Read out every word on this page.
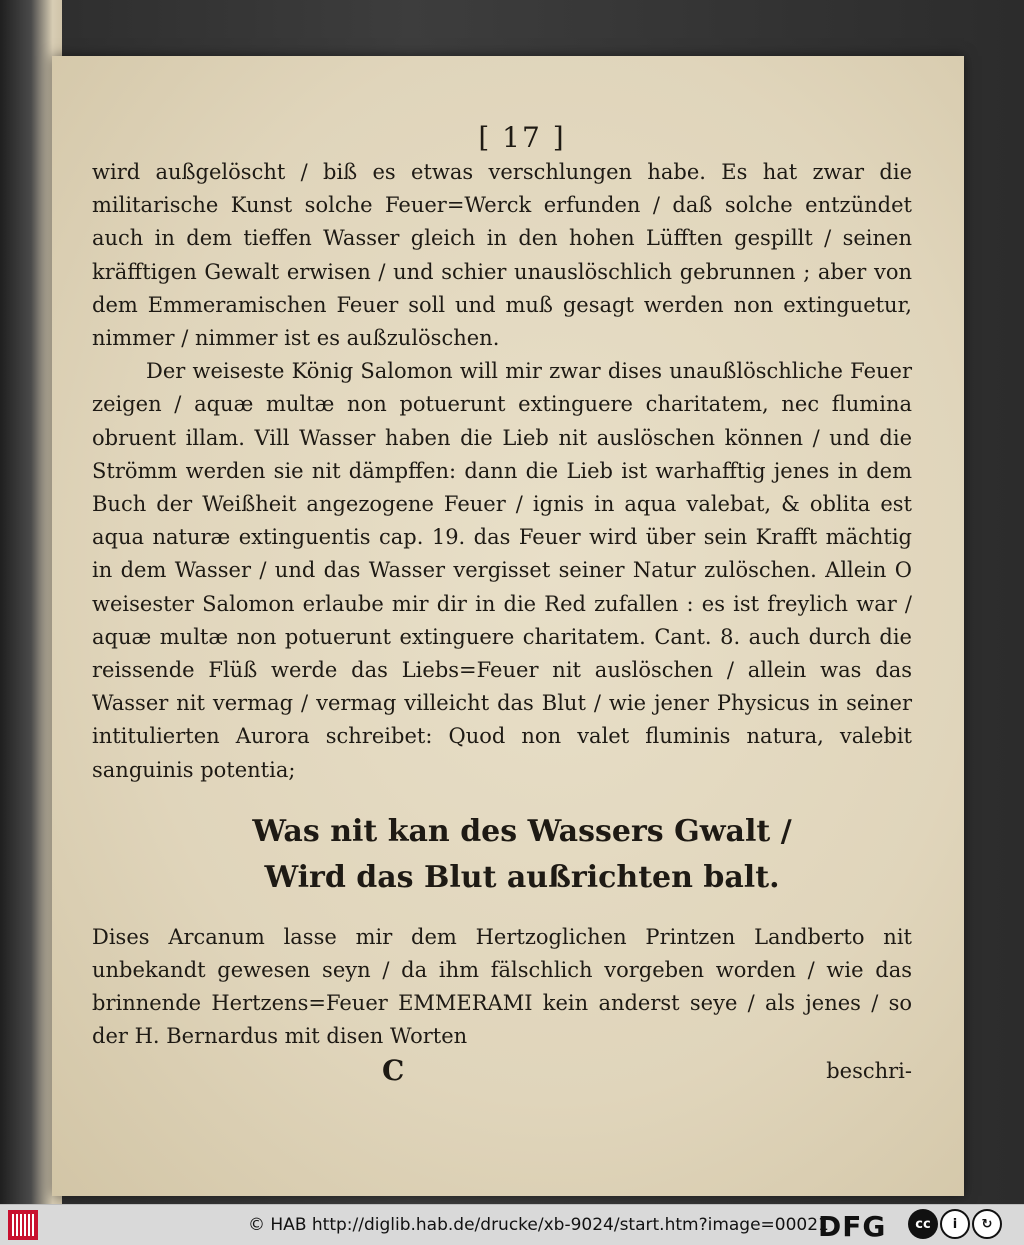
[ 17 ]

wird außgelöscht / biß es etwas verschlungen habe. Es hat zwar die militarische Kunst solche Feuer=Werck erfunden / daß solche entzündet auch in dem tieffen Wasser gleich in den hohen Lüfften gespillt / seinen kräfftigen Gewalt erwisen / und schier unauslöschlich gebrunnen ; aber von dem Emmeramischen Feuer soll und muß gesagt werden non extinguetur, nimmer / nimmer ist es außzulöschen.

Der weiseste König Salomon will mir zwar dises unaußlöschliche Feuer zeigen / aquæ multæ non potuerunt extinguere charitatem, nec flumina obruent illam. Vill Wasser haben die Lieb nit auslöschen können / und die Strömm werden sie nit dämpffen: dann die Lieb ist warhafftig jenes in dem Buch der Weißheit angezogene Feuer / ignis in aqua valebat, & oblita est aqua naturæ extinguentis cap. 19. das Feuer wird über sein Krafft mächtig in dem Wasser / und das Wasser vergisset seiner Natur zulöschen. Allein O weisester Salomon erlaube mir dir in die Red zufallen : es ist freylich war / aquæ multæ non potuerunt extinguere charitatem. Cant. 8. auch durch die reissende Flüß werde das Liebs=Feuer nit auslöschen / allein was das Wasser nit vermag / vermag villeicht das Blut / wie jener Physicus in seiner intitulierten Aurora schreibet: Quod non valet fluminis natura, valebit sanguinis potentia;

Was nit kan des Wassers Gwalt /
Wird das Blut außrichten balt.

Dises Arcanum lasse mir dem Hertzoglichen Printzen Landberto nit unbekandt gewesen seyn / da ihm fälschlich vorgeben worden / wie das brinnende Hertzens=Feuer EMMERAMI kein anderst seye / als jenes / so der H. Bernardus mit disen Worten

C	beschri-
© HAB http://diglib.hab.de/drucke/xb-9024/start.htm?image=00021
DFG	cc	i	↻
